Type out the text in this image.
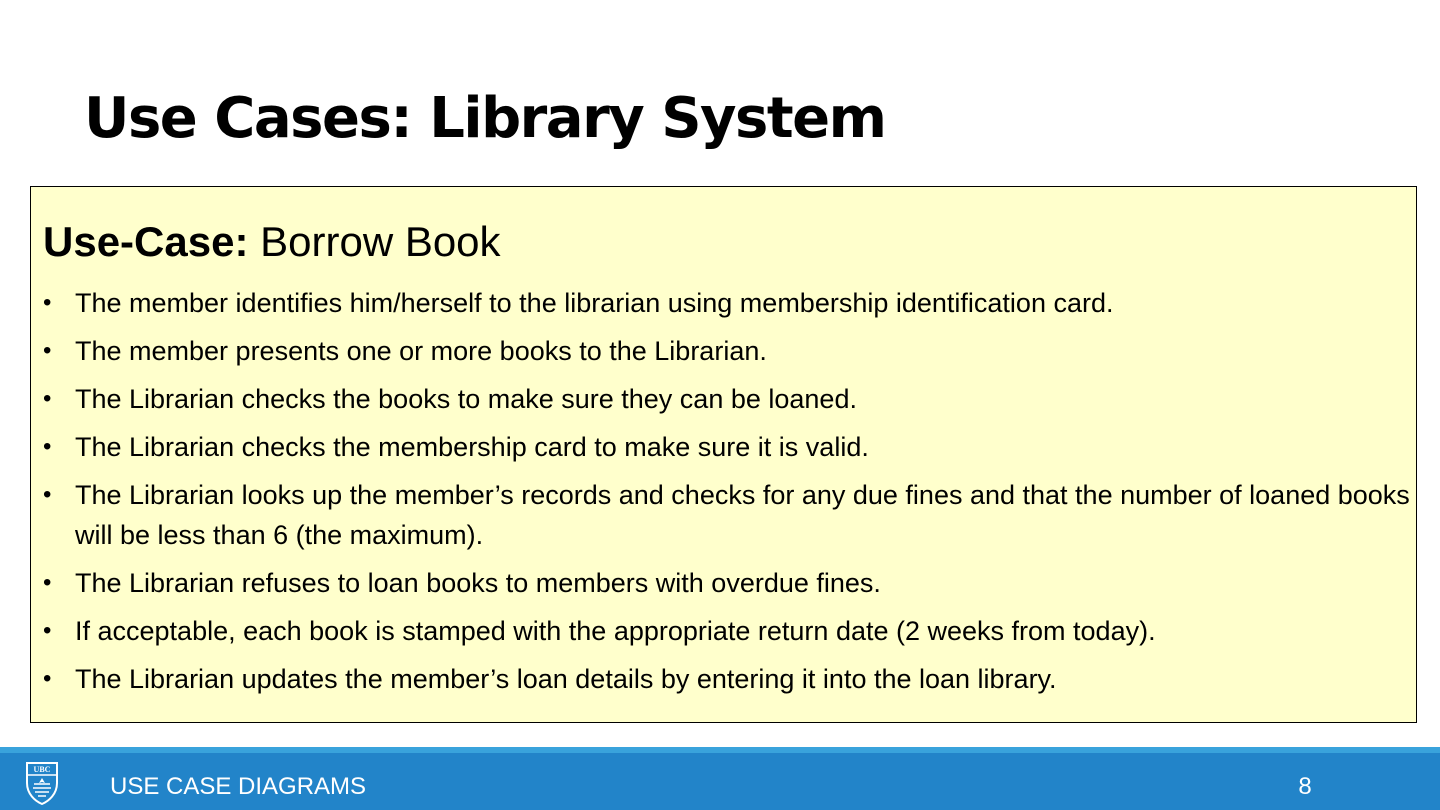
Use Cases: Library System
Use-Case: Borrow Book
• The member identifies him/herself to the librarian using membership identification card.
• The member presents one or more books to the Librarian.
• The Librarian checks the books to make sure they can be loaned.
• The Librarian checks the membership card to make sure it is valid.
• The Librarian looks up the member’s records and checks for any due fines and that the number of loaned books will be less than 6 (the maximum).
• The Librarian refuses to loan books to members with overdue fines.
• If acceptable, each book is stamped with the appropriate return date (2 weeks from today).
• The Librarian updates the member’s loan details by entering it into the loan library.
UBC
USE CASE DIAGRAMS	8
